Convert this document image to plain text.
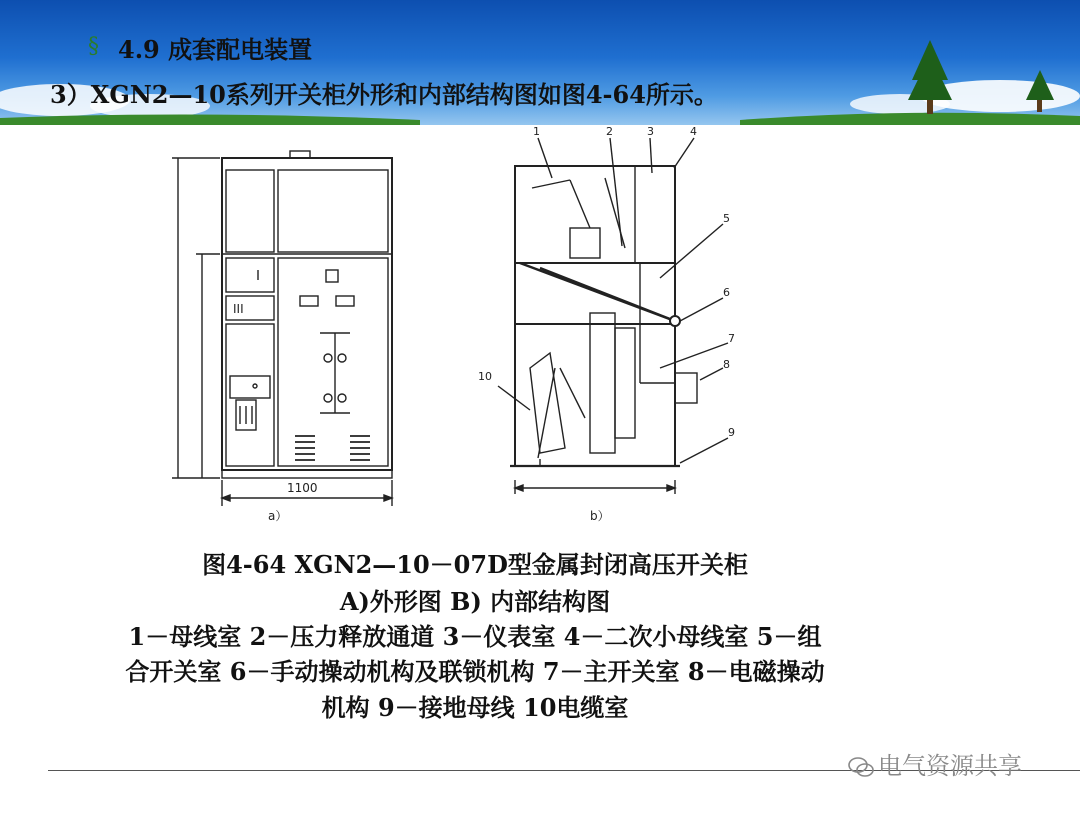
§ 4.9 成套配电装置
3）XGN2—10系列开关柜外形和内部结构图如图4-64所示。
III
1100
a）
1	2	3	4
5
6
7
8
9
10
b）
图4-64 XGN2—10－07D型金属封闭高压开关柜
A)外形图 B) 内部结构图
1－母线室 2－压力释放通道 3－仪表室 4－二次小母线室 5－组
合开关室 6－手动操动机构及联锁机构 7－主开关室 8－电磁操动
机构 9－接地母线 10电缆室
电气资源共享
